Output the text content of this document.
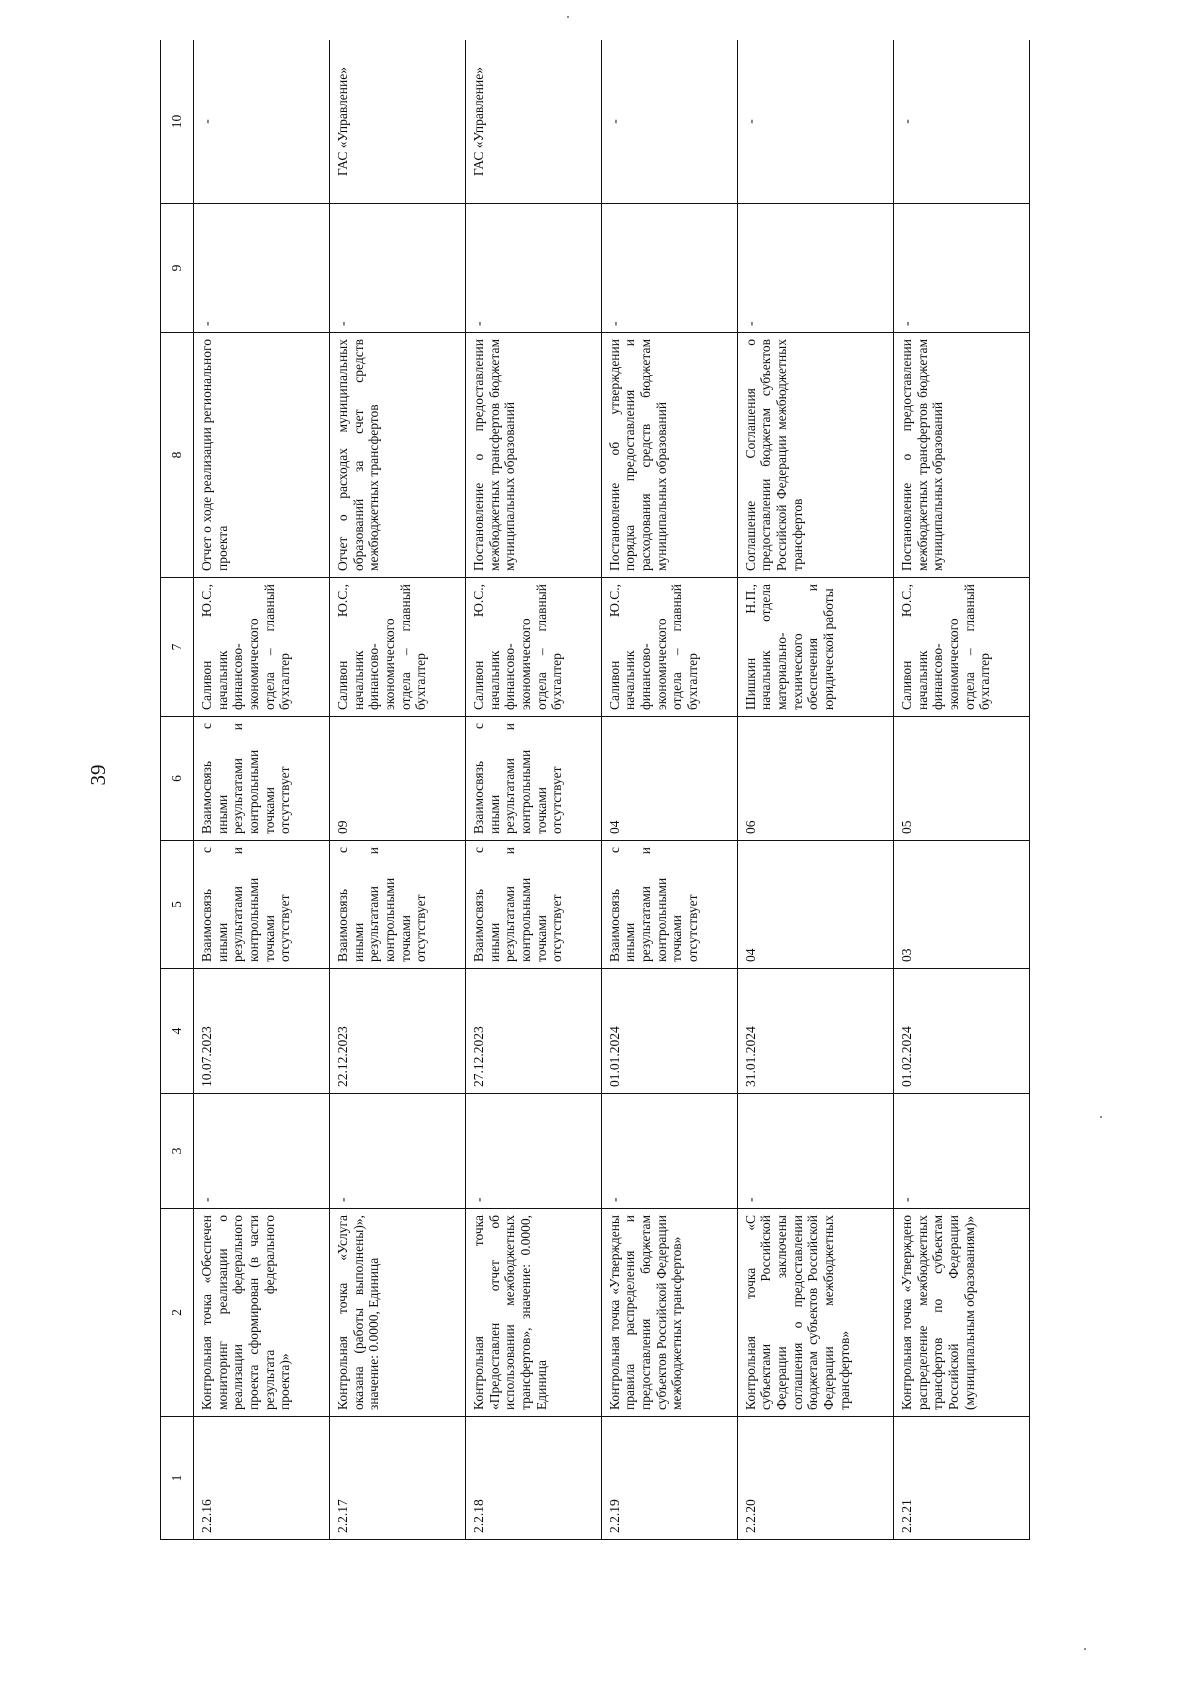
39
1	2	3	4	5	6	7	8	9	10
2.2.16	Контрольная точка «Обеспечен мониторинг реализации о реализации федерального проекта сформирован (в части результата федерального проекта)»	-	10.07.2023	Взаимосвязь с иными результатами и контрольными точками отсутствует	Взаимосвязь с иными результатами и контрольными точками отсутствует	Саливон Ю.С., начальник финансово-экономического отдела – главный бухгалтер	Отчет о ходе реализации регионального проекта	-	-
2.2.17	Контрольная точка «Услуга оказана (работы выполнены)», значение: 0.0000, Единица	-	22.12.2023	Взаимосвязь с иными результатами и контрольными точками отсутствует	09	Саливон Ю.С., начальник финансово-экономического отдела – главный бухгалтер	Отчет о расходах муниципальных образований за счет средств межбюджетных трансфертов	-	ГАС «Управление»
2.2.18	Контрольная точка «Предоставлен отчет об использовании межбюджетных трансфертов», значение: 0.0000, Единица	-	27.12.2023	Взаимосвязь с иными результатами и контрольными точками отсутствует	Взаимосвязь с иными результатами и контрольными точками отсутствует	Саливон Ю.С., начальник финансово-экономического отдела – главный бухгалтер	Постановление о предоставлении межбюджетных трансфертов бюджетам муниципальных образований	-	ГАС «Управление»
2.2.19	Контрольная точка «Утверждены правила распределения и предоставления бюджетам субъектов Российской Федерации межбюджетных трансфертов»	-	01.01.2024	Взаимосвязь с иными результатами и контрольными точками отсутствует	04	Саливон Ю.С., начальник финансово-экономического отдела – главный бухгалтер	Постановление об утверждении порядка предоставления и расходования средств бюджетам муниципальных образований	-	-
2.2.20	Контрольная точка «С субъектами Российской Федерации заключены соглашения о предоставлении бюджетам субъектов Российской Федерации межбюджетных трансфертов»	-	31.01.2024	04	06	Шишкин Н.П., начальник отдела материально-технического обеспечения и юридической работы	Соглашение Соглашения о предоставлении бюджетам субъектов Российской Федерации межбюджетных трансфертов	-	-
2.2.21	Контрольная точка «Утверждено распределение межбюджетных трансфертов по субъектам Российской Федерации (муниципальным образованиям)»	-	01.02.2024	03	05	Саливон Ю.С., начальник финансово-экономического отдела – главный бухгалтер	Постановление о предоставлении межбюджетных трансфертов бюджетам муниципальных образований	-	-
